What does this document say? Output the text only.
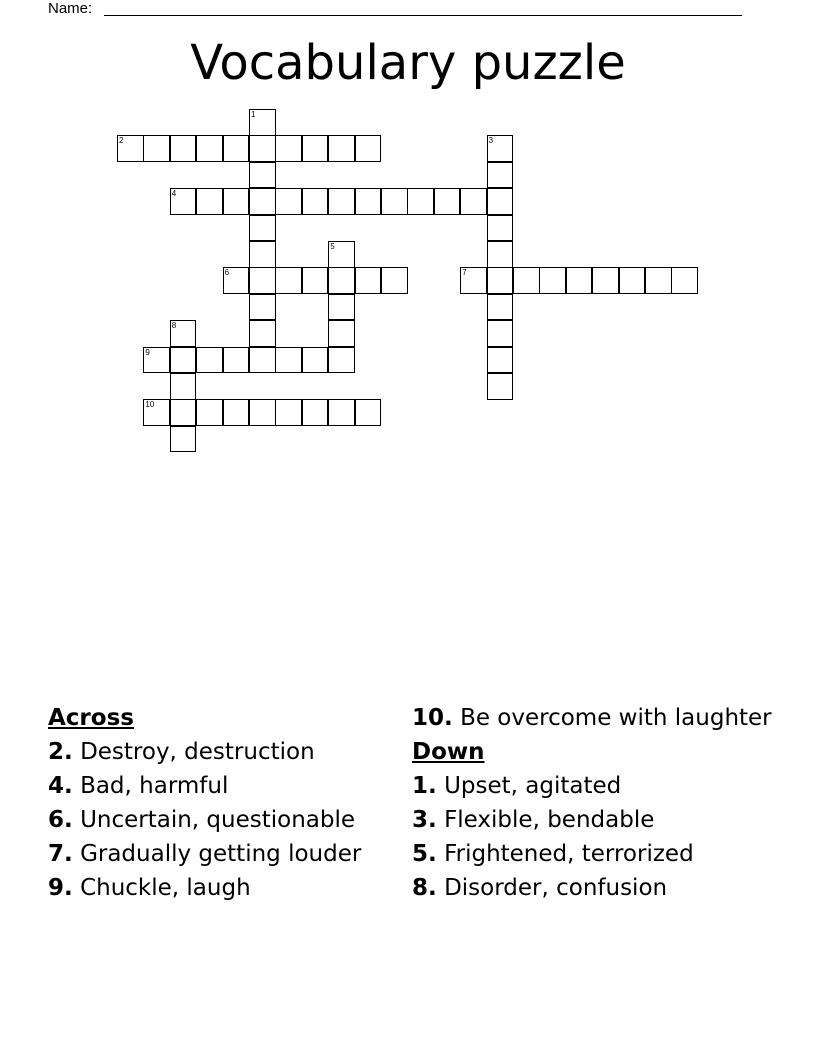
Name:
Vocabulary puzzle
1
2	3
4
5
6	7
8
9
10
Across
2. Destroy, destruction
4. Bad, harmful
6. Uncertain, questionable
7. Gradually getting louder
9. Chuckle, laugh
10. Be overcome with laughter
Down
1. Upset, agitated
3. Flexible, bendable
5. Frightened, terrorized
8. Disorder, confusion
